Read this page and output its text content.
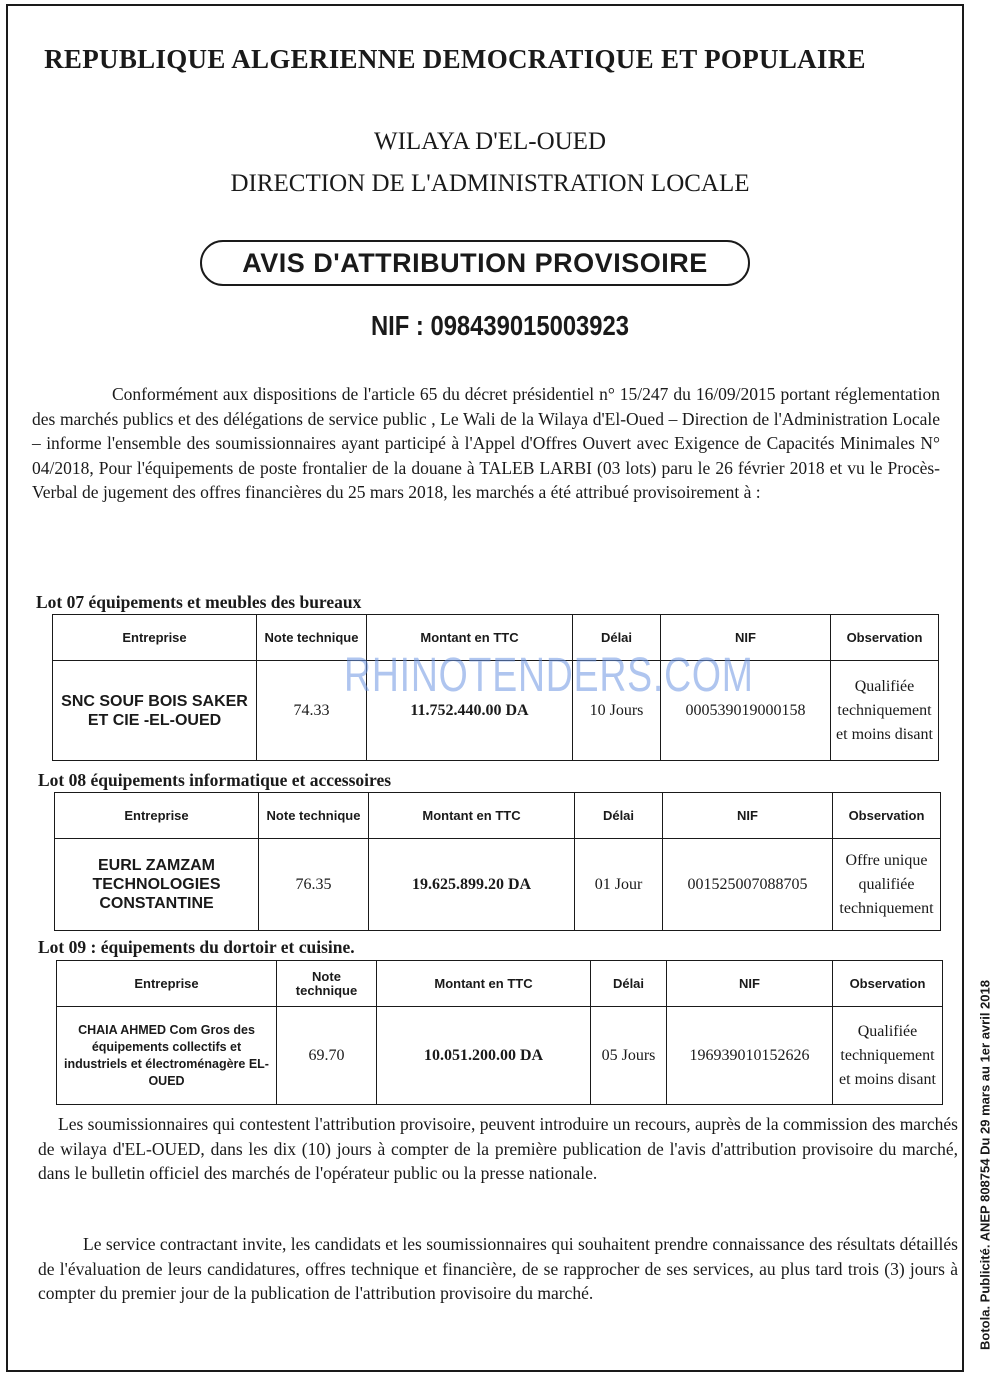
REPUBLIQUE ALGERIENNE DEMOCRATIQUE ET POPULAIRE
WILAYA D'EL-OUED
DIRECTION DE L'ADMINISTRATION LOCALE
AVIS D'ATTRIBUTION PROVISOIRE
NIF : 098439015003923
Conformément aux dispositions de l'article 65 du décret présidentiel n° 15/247 du 16/09/2015 portant réglementation des marchés publics et des délégations de service public , Le Wali de la Wilaya d'El-Oued – Direction de l'Administration Locale – informe l'ensemble des soumissionnaires ayant participé à l'Appel d'Offres Ouvert avec Exigence de Capacités Minimales N° 04/2018, Pour l'équipements de poste frontalier de la douane à TALEB LARBI (03 lots) paru le 26 février 2018 et vu le Procès-Verbal de jugement des offres financières du 25 mars 2018, les marchés a été attribué provisoirement à :
Lot 07 équipements et meubles des bureaux
Entreprise	Note technique	Montant en TTC	Délai	NIF	Observation
SNC SOUF BOIS SAKER ET CIE -EL-OUED	74.33	11.752.440.00 DA	10 Jours	000539019000158	Qualifiée techniquement et moins disant
Lot 08 équipements informatique et accessoires
Entreprise	Note technique	Montant en TTC	Délai	NIF	Observation
EURL ZAMZAM TECHNOLOGIES CONSTANTINE	76.35	19.625.899.20 DA	01 Jour	001525007088705	Offre unique qualifiée techniquement
Lot 09 : équipements du dortoir et cuisine.
Entreprise	Note technique	Montant en TTC	Délai	NIF	Observation
CHAIA AHMED Com Gros des équipements collectifs et industriels et électroménagère EL-OUED	69.70	10.051.200.00 DA	05 Jours	196939010152626	Qualifiée techniquement et moins disant
Les soumissionnaires qui contestent l'attribution provisoire, peuvent introduire un recours, auprès de la commission des marchés de wilaya d'EL-OUED, dans les dix (10) jours à compter de la première publication de l'avis d'attribution provisoire du marché, dans le bulletin officiel des marchés de l'opérateur public ou la presse nationale.
Le service contractant invite, les candidats et les soumissionnaires qui souhaitent prendre connaissance des résultats détaillés de l'évaluation de leurs candidatures, offres technique et financière, de se rapprocher de ses services, au plus tard trois (3) jours à compter du premier jour de la publication de l'attribution provisoire du marché.
RHINOTENDERS.COM
Botola. Publicité. ANEP 808754 Du 29 mars au 1er avril 2018
